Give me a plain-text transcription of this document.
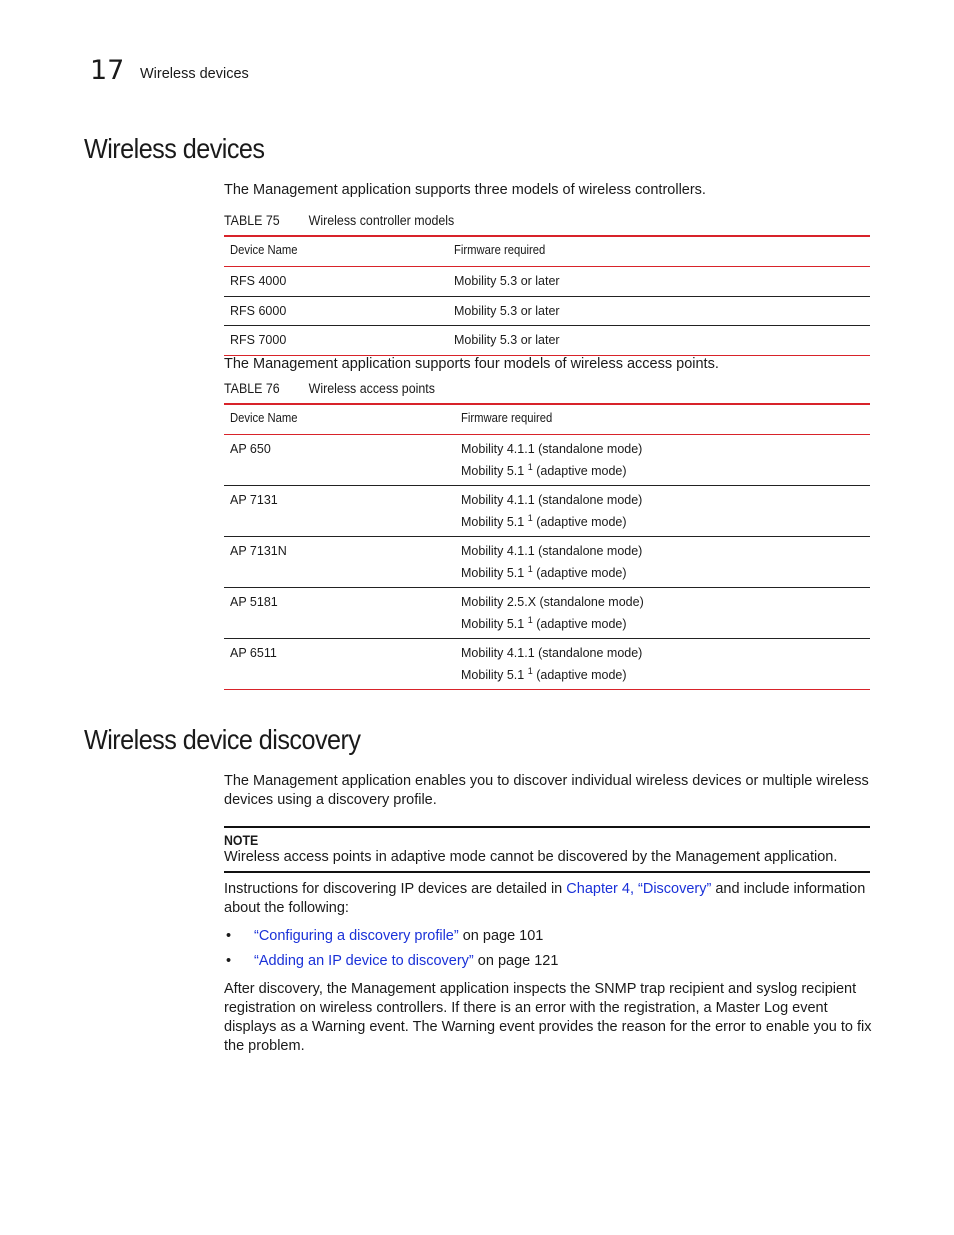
17 Wireless devices
Wireless devices

The Management application supports three models of wireless controllers.

TABLE 75 Wireless controller models
Device Name	Firmware required
RFS 4000	Mobility 5.3 or later
RFS 6000	Mobility 5.3 or later
RFS 7000	Mobility 5.3 or later

The Management application supports four models of wireless access points.

TABLE 76 Wireless access points
Device Name	Firmware required
AP 650	Mobility 4.1.1 (standalone mode)
Mobility 5.1 $^1$ (adaptive mode)
AP 7131	Mobility 4.1.1 (standalone mode)
Mobility 5.1 $^1$ (adaptive mode)
AP 7131N	Mobility 4.1.1 (standalone mode)
Mobility 5.1 $^1$ (adaptive mode)
AP 5181	Mobility 2.5.X (standalone mode)
Mobility 5.1 $^1$ (adaptive mode)
AP 6511	Mobility 4.1.1 (standalone mode)
Mobility 5.1 $^1$ (adaptive mode)
Wireless device discovery

The Management application enables you to discover individual wireless devices or multiple wireless devices using a discovery profile.

NOTE
Wireless access points in adaptive mode cannot be discovered by the Management application.

Instructions for discovering IP devices are detailed in Chapter 4, “Discovery” and include information about the following:

• “Configuring a discovery profile” on page 101
• “Adding an IP device to discovery” on page 121

After discovery, the Management application inspects the SNMP trap recipient and syslog recipient registration on wireless controllers. If there is an error with the registration, a Master Log event displays as a Warning event. The Warning event provides the reason for the error to enable you to fix the problem.
